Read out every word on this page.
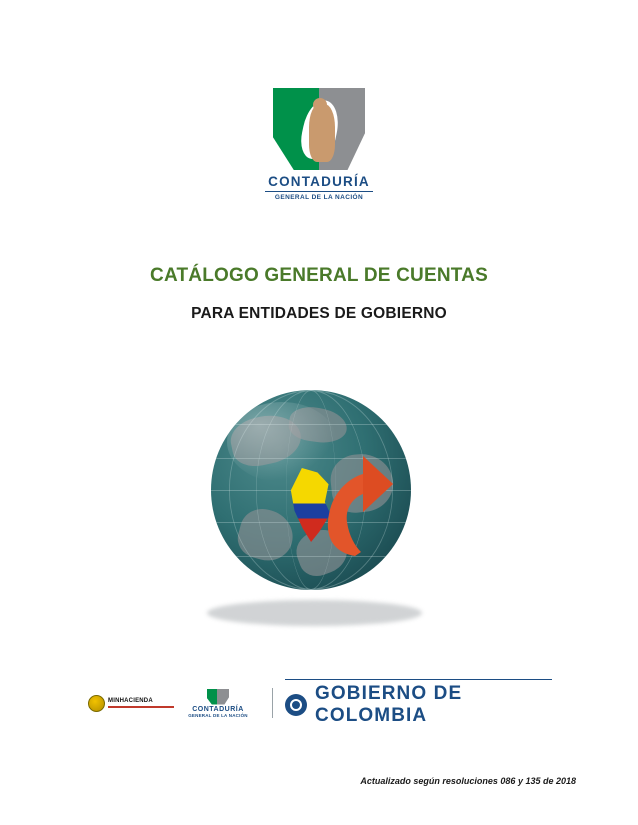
CONTADURÍA
GENERAL DE LA NACIÓN
CATÁLOGO GENERAL DE CUENTAS
PARA ENTIDADES DE GOBIERNO
MINHACIENDA
CONTADURÍA
GENERAL DE LA NACIÓN
GOBIERNO DE COLOMBIA
Actualizado según resoluciones 086 y 135 de 2018
